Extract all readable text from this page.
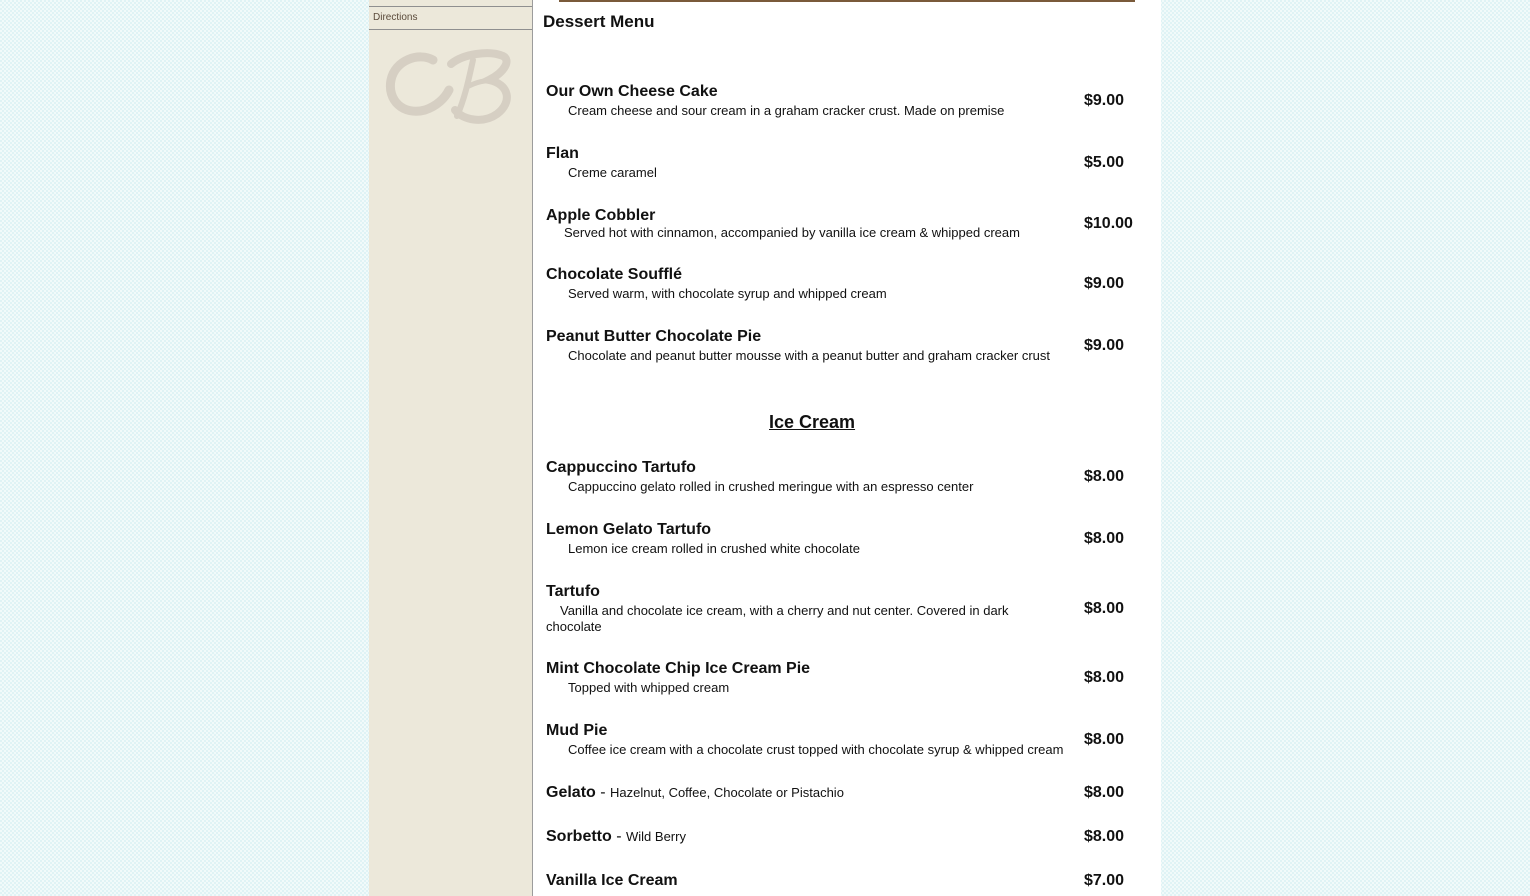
Directions	Dessert Menu
Our Own Cheese Cake
Cream cheese and sour cream in a graham cracker crust. Made on premise
$9.00
Flan
Creme caramel
$5.00
Apple Cobbler
Served hot with cinnamon, accompanied by vanilla ice cream & whipped cream
$10.00
Chocolate Soufflé
Served warm, with chocolate syrup and whipped cream
$9.00
Peanut Butter Chocolate Pie
Chocolate and peanut butter mousse with a peanut butter and graham cracker crust
$9.00
Ice Cream
Cappuccino Tartufo
Cappuccino gelato rolled in crushed meringue with an espresso center
$8.00
Lemon Gelato Tartufo
Lemon ice cream rolled in crushed white chocolate
$8.00
Tartufo
Vanilla and chocolate ice cream, with a cherry and nut center. Covered in dark chocolate
$8.00
Mint Chocolate Chip Ice Cream Pie
Topped with whipped cream
$8.00
Mud Pie
Coffee ice cream with a chocolate crust topped with chocolate syrup & whipped cream
$8.00
Gelato - Hazelnut, Coffee, Chocolate or Pistachio	$8.00
Sorbetto - Wild Berry	$8.00
Vanilla Ice Cream	$7.00
